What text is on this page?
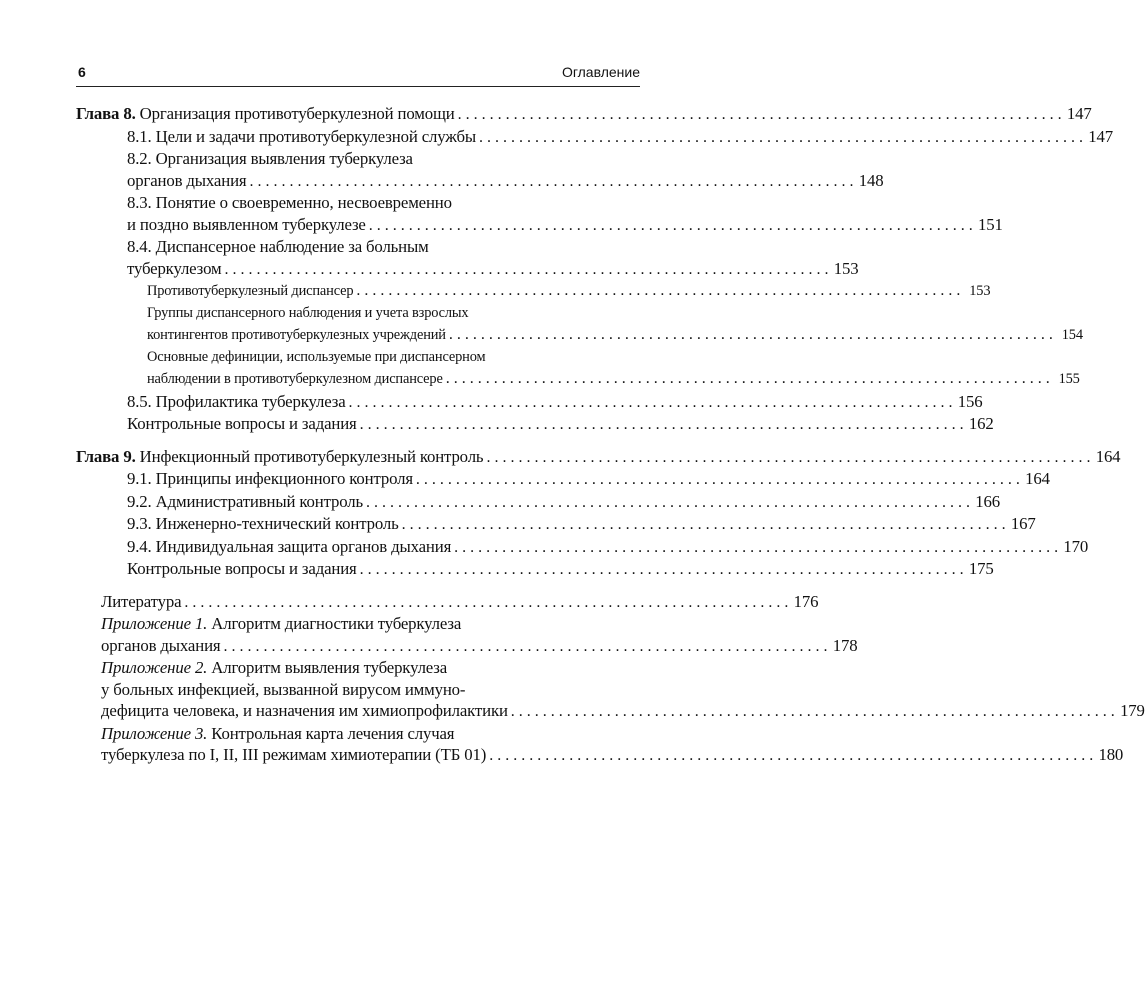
6	Оглавление
Глава 8. Организация противотуберкулезной помощи . . .	147
8.1. Цели и задачи противотуберкулезной службы . . .	147
8.2. Организация выявления туберкулеза
органов дыхания . . .	148
8.3. Понятие о своевременно, несвоевременно
и поздно выявленном туберкулезе . . .	151
8.4. Диспансерное наблюдение за больным
туберкулезом . . .	153
Противотуберкулезный диспансер . . .	153
Группы диспансерного наблюдения и учета взрослых
контингентов противотуберкулезных учреждений . . .	154
Основные дефиниции, используемые при диспансерном
наблюдении в противотуберкулезном диспансере . . .	155
8.5. Профилактика туберкулеза . . .	156
Контрольные вопросы и задания . . .	162
Глава 9. Инфекционный противотуберкулезный контроль . . .	164
9.1. Принципы инфекционного контроля . . .	164
9.2. Административный контроль . . .	166
9.3. Инженерно-технический контроль . . .	167
9.4. Индивидуальная защита органов дыхания . . .	170
Контрольные вопросы и задания . . .	175
Литература . . .	176
Приложение 1. Алгоритм диагностики туберкулеза
органов дыхания . . .	178
Приложение 2. Алгоритм выявления туберкулеза
у больных инфекцией, вызванной вирусом иммуно-
дефицита человека, и назначения им химиопрофилактики . . .	179
Приложение 3. Контрольная карта лечения случая
туберкулеза по I, II, III режимам химиотерапии (ТБ 01) . . .	180
